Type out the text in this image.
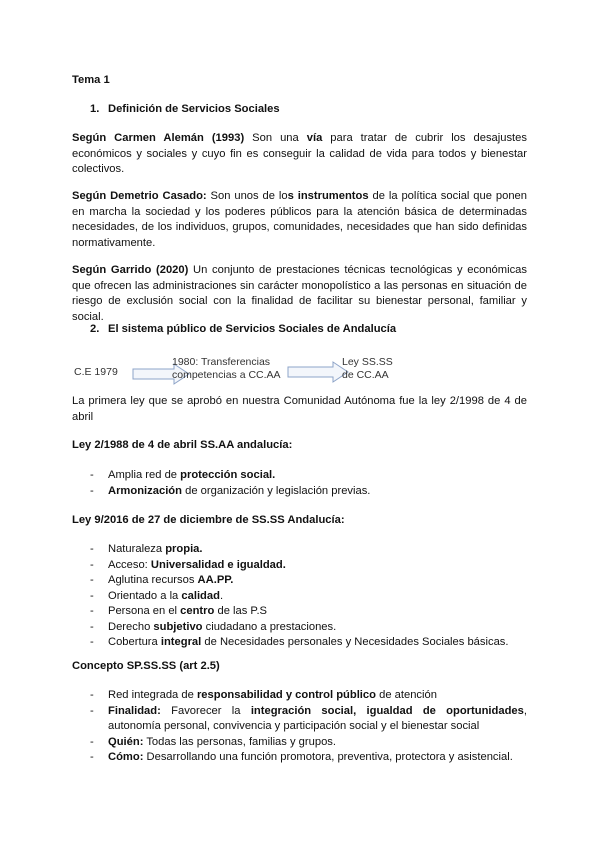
Tema 1
1. Definición de Servicios Sociales
Según Carmen Alemán (1993) Son una vía para tratar de cubrir los desajustes económicos y sociales y cuyo fin es conseguir la calidad de vida para todos y bienestar colectivos.
Según Demetrio Casado: Son unos de los instrumentos de la política social que ponen en marcha la sociedad y los poderes públicos para la atención básica de determinadas necesidades, de los individuos, grupos, comunidades, necesidades que han sido definidas normativamente.
Según Garrido (2020) Un conjunto de prestaciones técnicas tecnológicas y económicas que ofrecen las administraciones sin carácter monopolístico a las personas en situación de riesgo de exclusión social con la finalidad de facilitar su bienestar personal, familiar y social.
2. El sistema público de Servicios Sociales de Andalucía
C.E 1979
1980: Transferencias
competencias a CC.AA
Ley SS.SS
de CC.AA
La primera ley que se aprobó en nuestra Comunidad Autónoma fue la ley 2/1998 de 4 de abril
Ley 2/1988 de 4 de abril SS.AA andalucía:
- Amplia red de protección social.
- Armonización de organización y legislación previas.
Ley 9/2016 de 27 de diciembre de SS.SS Andalucía:
- Naturaleza propia.
- Acceso: Universalidad e igualdad.
- Aglutina recursos AA.PP.
- Orientado a la calidad.
- Persona en el centro de las P.S
- Derecho subjetivo ciudadano a prestaciones.
- Cobertura integral de Necesidades personales y Necesidades Sociales básicas.
Concepto SP.SS.SS (art 2.5)
- Red integrada de responsabilidad y control público de atención
- Finalidad: Favorecer la integración social, igualdad de oportunidades, autonomía personal, convivencia y participación social y el bienestar social
- Quién: Todas las personas, familias y grupos.
- Cómo: Desarrollando una función promotora, preventiva, protectora y asistencial.
